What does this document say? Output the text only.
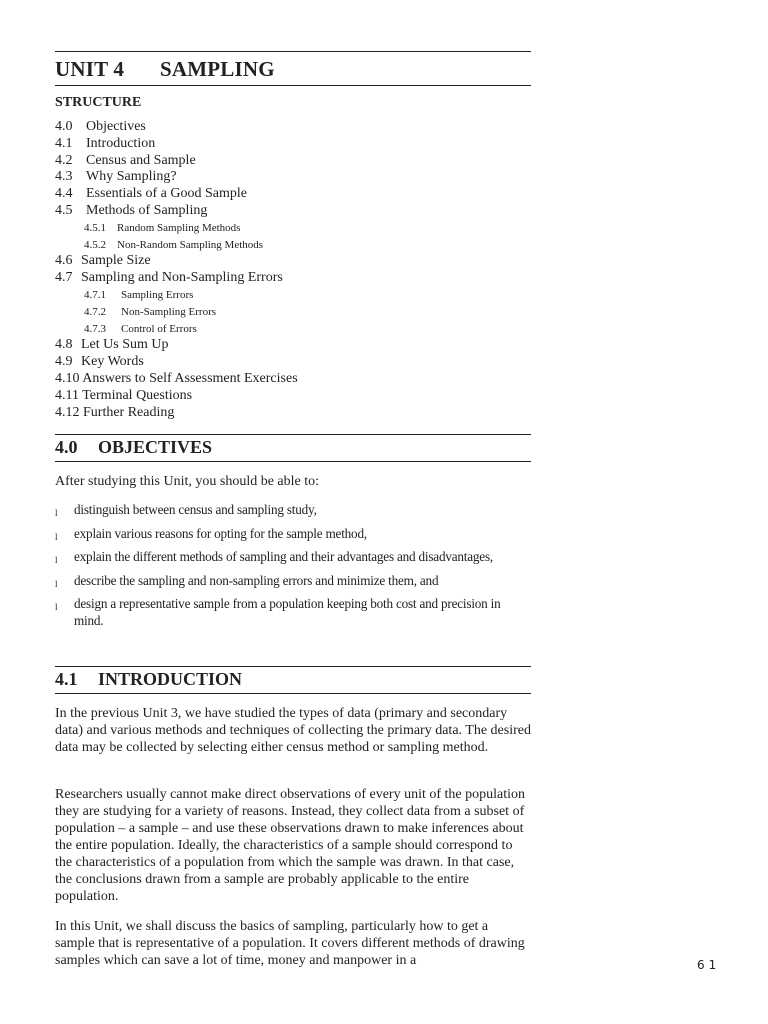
UNIT 4 SAMPLING
STRUCTURE
4.0 Objectives
4.1 Introduction
4.2 Census and Sample
4.3 Why Sampling?
4.4 Essentials of a Good Sample
4.5 Methods of Sampling
4.5.1 Random Sampling Methods
4.5.2 Non-Random Sampling Methods
4.6 Sample Size
4.7 Sampling and Non-Sampling Errors
4.7.1 Sampling Errors
4.7.2 Non-Sampling Errors
4.7.3 Control of Errors
4.8 Let Us Sum Up
4.9 Key Words
4.10 Answers to Self Assessment Exercises
4.11 Terminal Questions
4.12 Further Reading
4.0 OBJECTIVES
After studying this Unit, you should be able to:
l distinguish between census and sampling study,
l explain various reasons for opting for the sample method,
l explain the different methods of sampling and their advantages and disadvantages,
l describe the sampling and non-sampling errors and minimize them, and
l design a representative sample from a population keeping both cost and precision in mind.
4.1 INTRODUCTION
In the previous Unit 3, we have studied the types of data (primary and secondary data) and various methods and techniques of collecting the primary data. The desired data may be collected by selecting either census method or sampling method.
Researchers usually cannot make direct observations of every unit of the population they are studying for a variety of reasons. Instead, they collect data from a subset of population – a sample – and use these observations drawn to make inferences about the entire population. Ideally, the characteristics of a sample should correspond to the characteristics of a population from which the sample was drawn. In that case, the conclusions drawn from a sample are probably applicable to the entire population.
In this Unit, we shall discuss the basics of sampling, particularly how to get a sample that is representative of a population. It covers different methods of drawing samples which can save a lot of time, money and manpower in a	61
